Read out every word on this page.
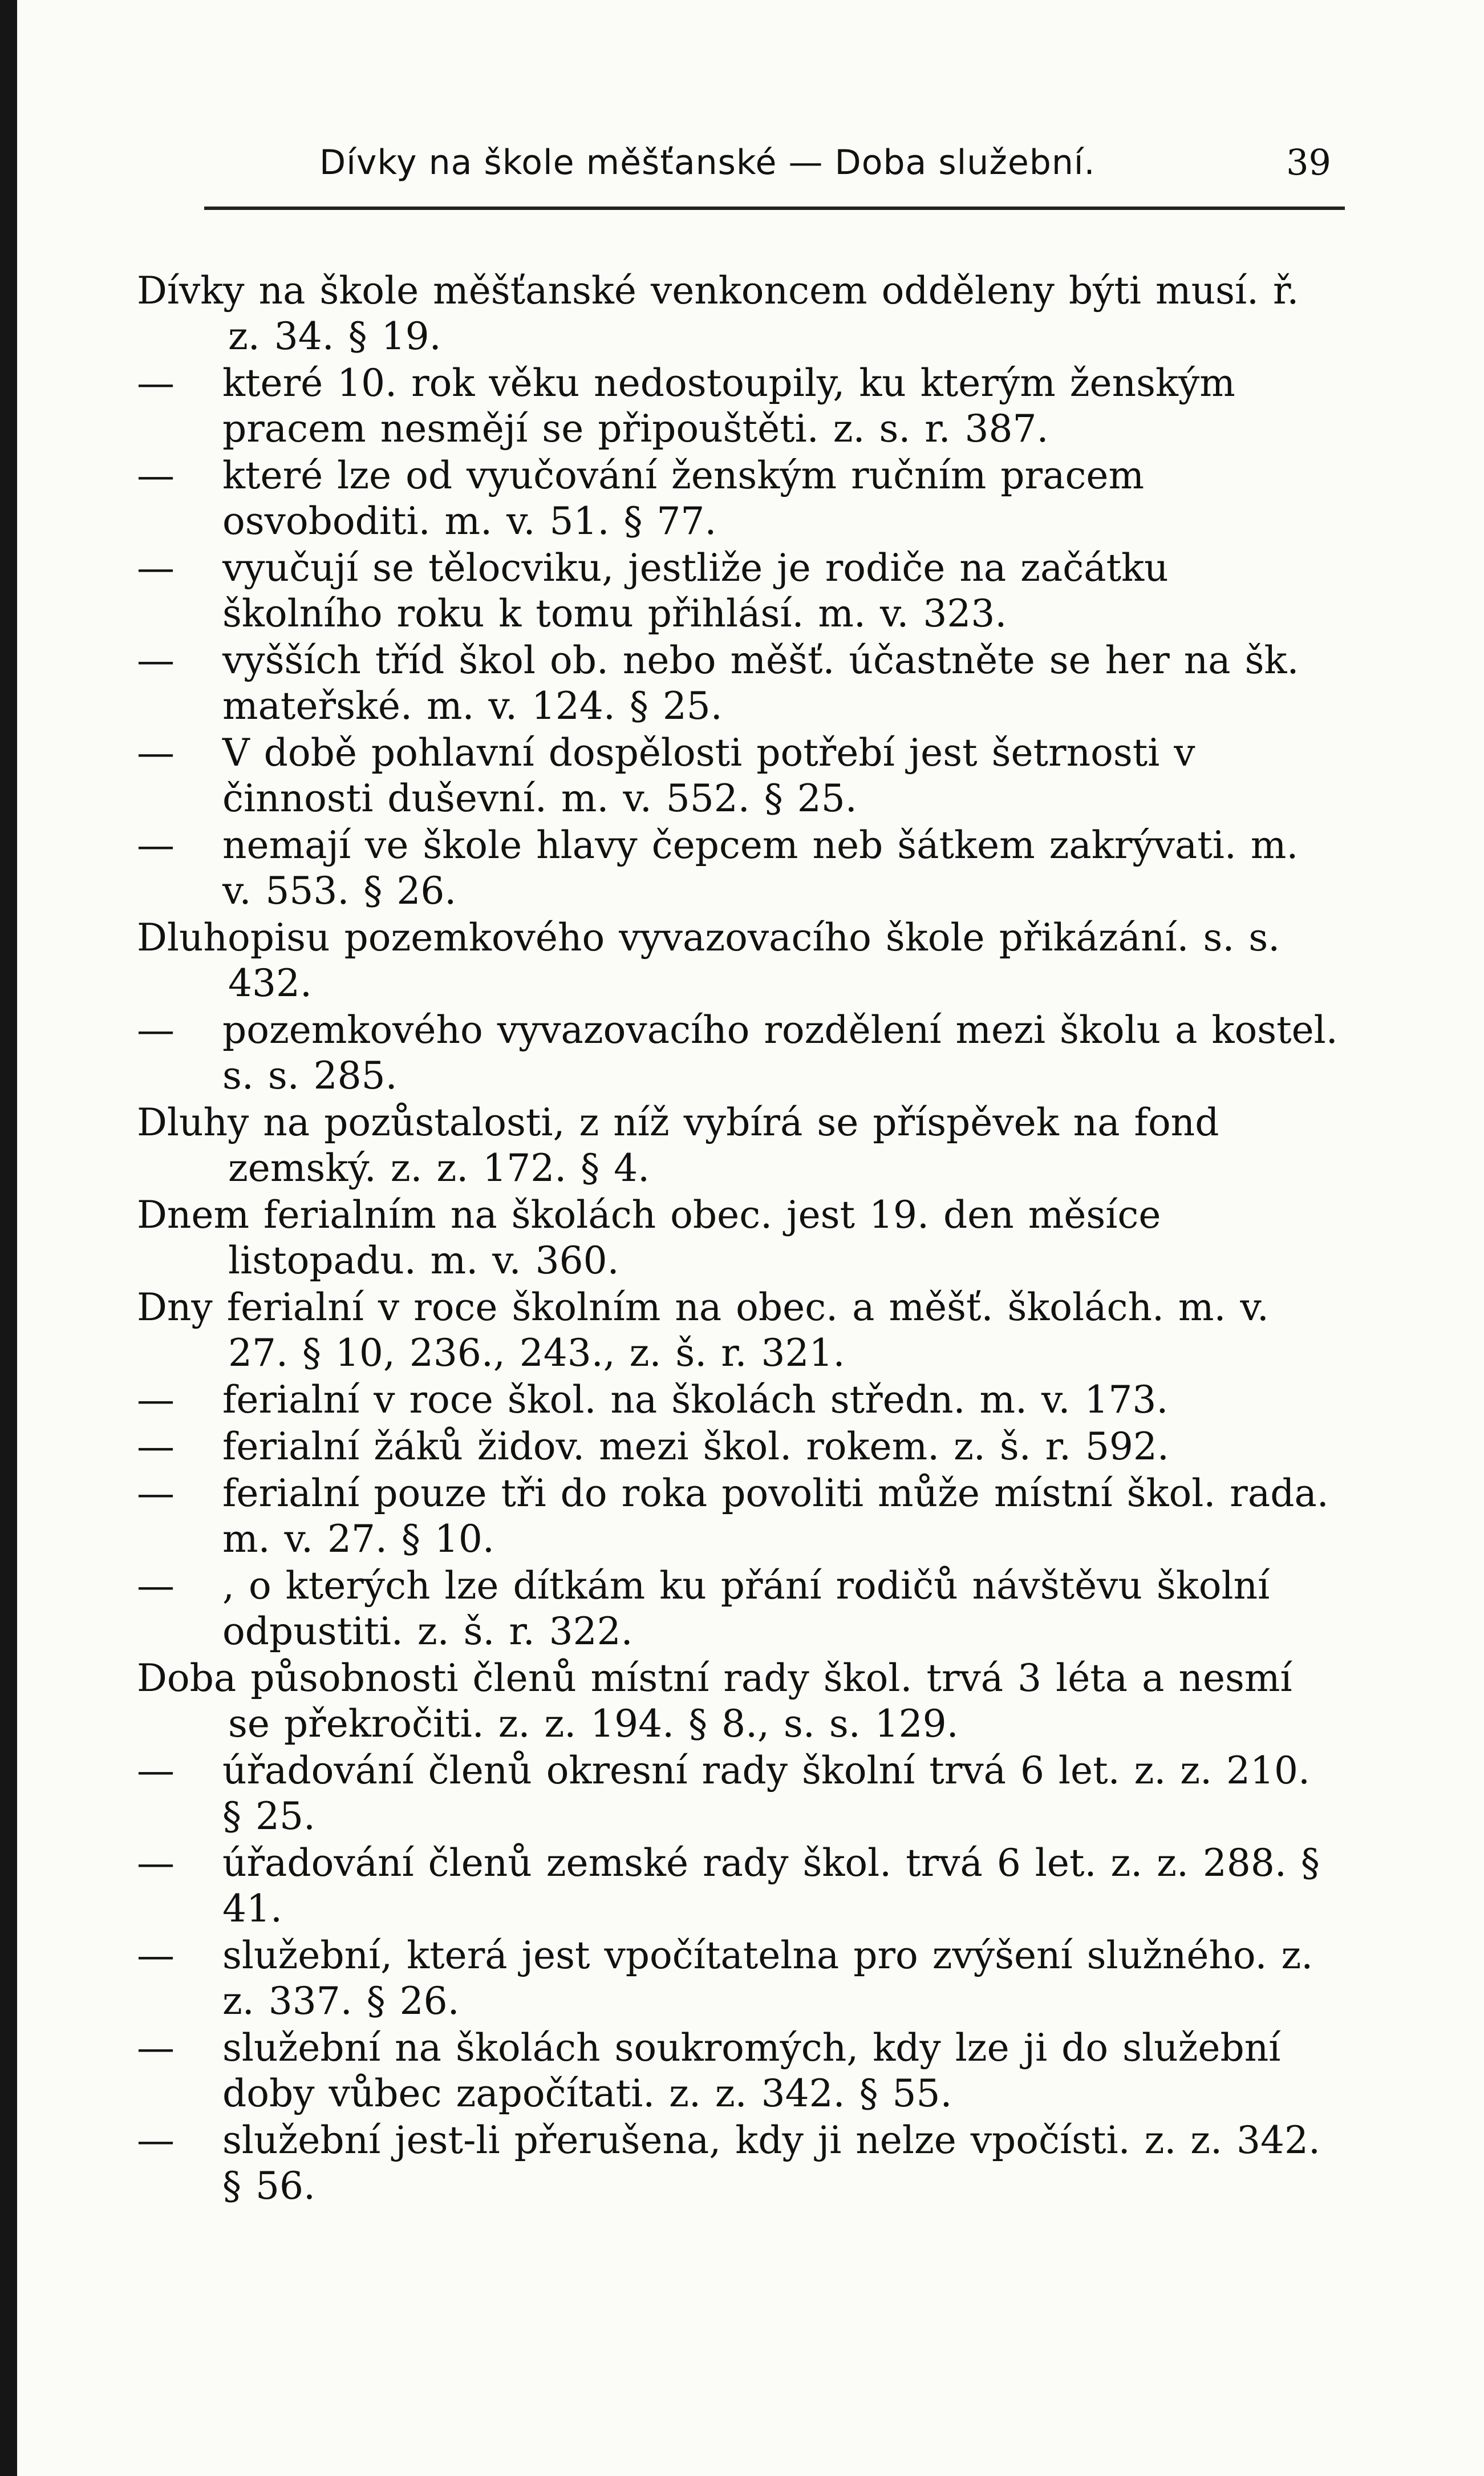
Dívky na škole měšťanské — Doba služební.	39
Dívky na škole měšťanské venkoncem odděleny býti musí. ř. z. 34. § 19.
— které 10. rok věku nedostoupily, ku kterým ženským pracem nesmějí se připouštěti. z. s. r. 387.
— které lze od vyučování ženským ručním pracem osvoboditi. m. v. 51. § 77.
— vyučují se tělocviku, jestliže je rodiče na začátku školního roku k tomu přihlásí. m. v. 323.
— vyšších tříd škol ob. nebo měšť. účastněte se her na šk. mateřské. m. v. 124. § 25.
— V době pohlavní dospělosti potřebí jest šetrnosti v činnosti duševní. m. v. 552. § 25.
— nemají ve škole hlavy čepcem neb šátkem zakrývati. m. v. 553. § 26.
Dluhopisu pozemkového vyvazovacího škole přikázání. s. s. 432.
— pozemkového vyvazovacího rozdělení mezi školu a kostel. s. s. 285.
Dluhy na pozůstalosti, z níž vybírá se příspěvek na fond zemský. z. z. 172. § 4.
Dnem ferialním na školách obec. jest 19. den měsíce listopadu. m. v. 360.
Dny ferialní v roce školním na obec. a měšť. školách. m. v. 27. § 10, 236., 243., z. š. r. 321.
— ferialní v roce škol. na školách středn. m. v. 173.
— ferialní žáků židov. mezi škol. rokem. z. š. r. 592.
— ferialní pouze tři do roka povoliti může místní škol. rada. m. v. 27. § 10.
— , o kterých lze dítkám ku přání rodičů návštěvu školní odpustiti. z. š. r. 322.
Doba působnosti členů místní rady škol. trvá 3 léta a nesmí se překročiti. z. z. 194. § 8., s. s. 129.
— úřadování členů okresní rady školní trvá 6 let. z. z. 210. § 25.
— úřadování členů zemské rady škol. trvá 6 let. z. z. 288. § 41.
— služební, která jest vpočítatelna pro zvýšení služného. z. z. 337. § 26.
— služební na školách soukromých, kdy lze ji do služební doby vůbec započítati. z. z. 342. § 55.
— služební jest-li přerušena, kdy ji nelze vpočísti. z. z. 342. § 56.
